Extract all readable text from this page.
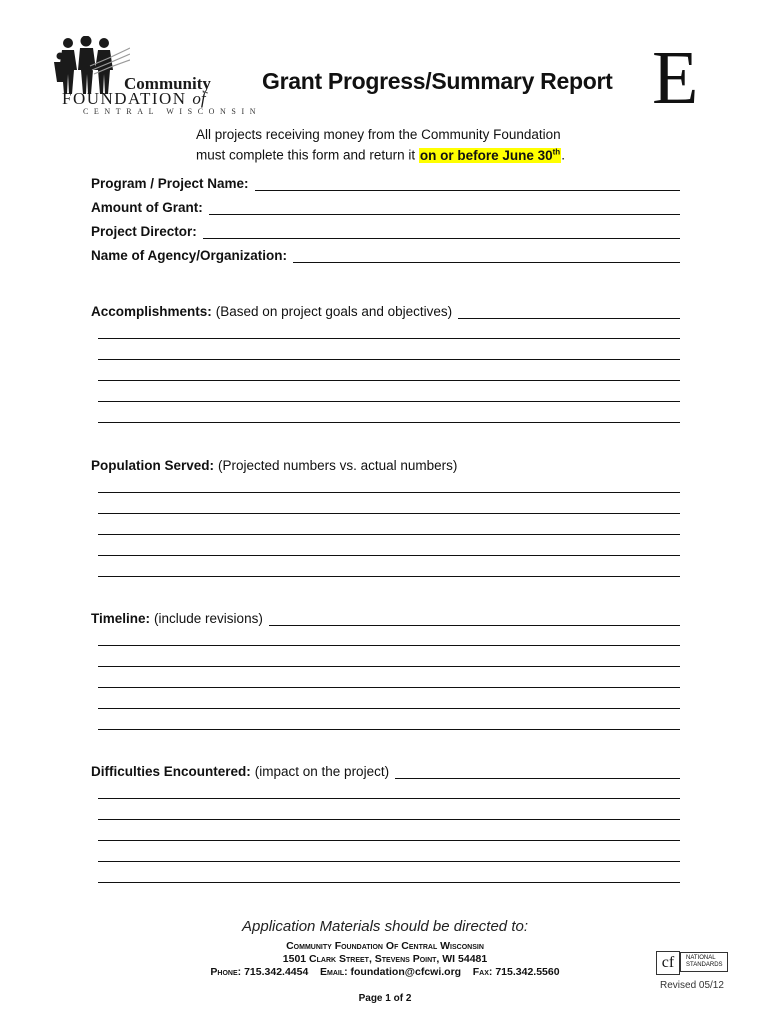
Community
FOUNDATION of
CENTRAL WISCONSIN
Grant Progress/Summary Report E
All projects receiving money from the Community Foundation
must complete this form and return it on or before June 30th.
Program / Project Name:
Amount of Grant:
Project Director:
Name of Agency/Organization:
Accomplishments: (Based on project goals and objectives)
Population Served: (Projected numbers vs. actual numbers)
Timeline: (include revisions)
Difficulties Encountered: (impact on the project)
Application Materials should be directed to:
Community Foundation Of Central Wisconsin
1501 Clark Street, Stevens Point, WI 54481
Phone: 715.342.4454 Email: foundation@cfcwi.org Fax: 715.342.5560
cf	NATIONAL
STANDARDS
Revised 05/12
Page 1 of 2
